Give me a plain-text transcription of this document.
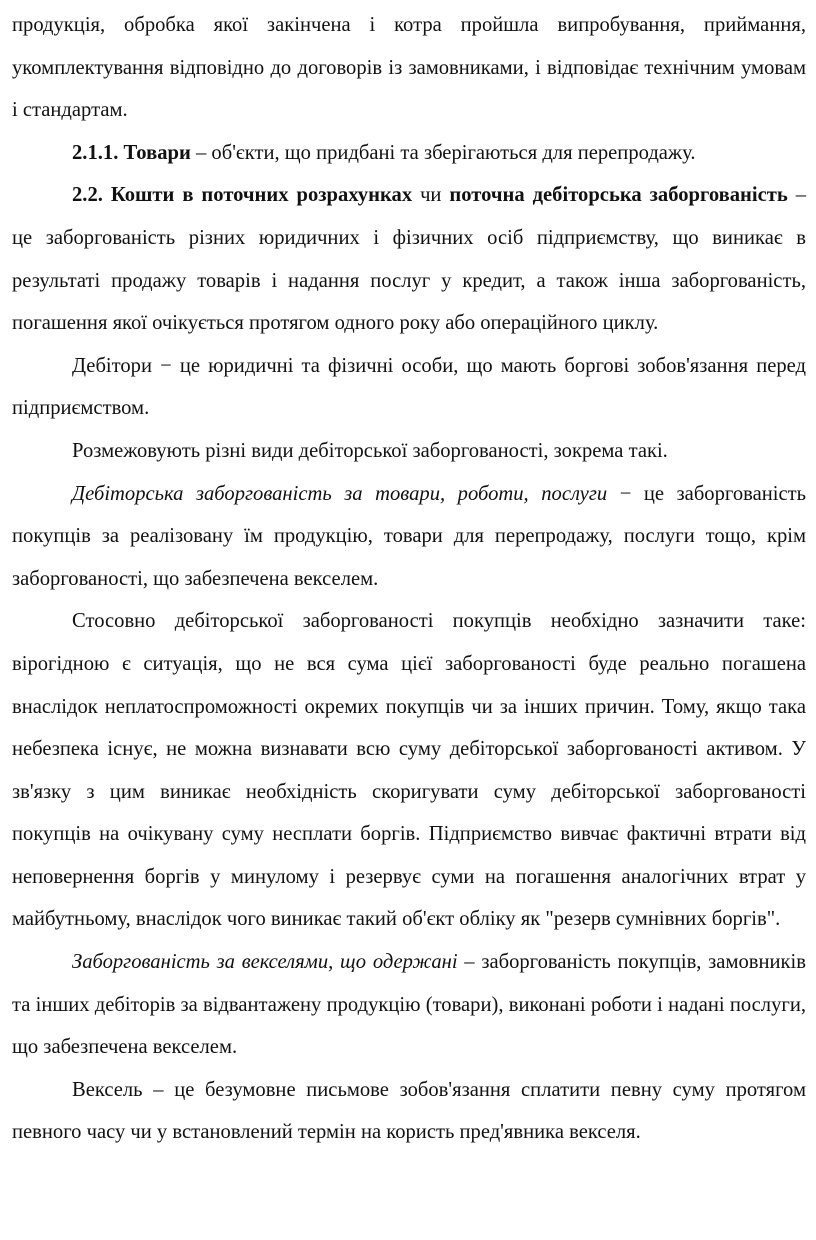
продукція, обробка якої закінчена і котра пройшла випробування, приймання, укомплектування відповідно до договорів із замовниками, і відповідає технічним умовам і стандартам.

2.1.1. Товари – об'єкти, що придбані та зберігаються для перепродажу.

2.2. Кошти в поточних розрахунках чи поточна дебіторська заборгованість – це заборгованість різних юридичних і фізичних осіб підприємству, що виникає в результаті продажу товарів і надання послуг у кредит, а також інша заборгованість, погашення якої очікується протягом одного року або операційного циклу.

Дебітори − це юридичні та фізичні особи, що мають боргові зобов'язання перед підприємством.

Розмежовують різні види дебіторської заборгованості, зокрема такі.

Дебіторська заборгованість за товари, роботи, послуги − це заборгованість покупців за реалізовану їм продукцію, товари для перепродажу, послуги тощо, крім заборгованості, що забезпечена векселем.

Стосовно дебіторської заборгованості покупців необхідно зазначити таке: вірогідною є ситуація, що не вся сума цієї заборгованості буде реально погашена внаслідок неплатоспроможності окремих покупців чи за інших причин. Тому, якщо така небезпека існує, не можна визнавати всю суму дебіторської заборгованості активом. У зв'язку з цим виникає необхідність скоригувати суму дебіторської заборгованості покупців на очікувану суму несплати боргів. Підприємство вивчає фактичні втрати від неповернення боргів у минулому і резервує суми на погашення аналогічних втрат у майбутньому, внаслідок чого виникає такий об'єкт обліку як "резерв сумнівних боргів".

Заборгованість за векселями, що одержані – заборгованість покупців, замовників та інших дебіторів за відвантажену продукцію (товари), виконані роботи і надані послуги, що забезпечена векселем.

Вексель – це безумовне письмове зобов'язання сплатити певну суму протягом певного часу чи у встановлений термін на користь пред'явника векселя.
